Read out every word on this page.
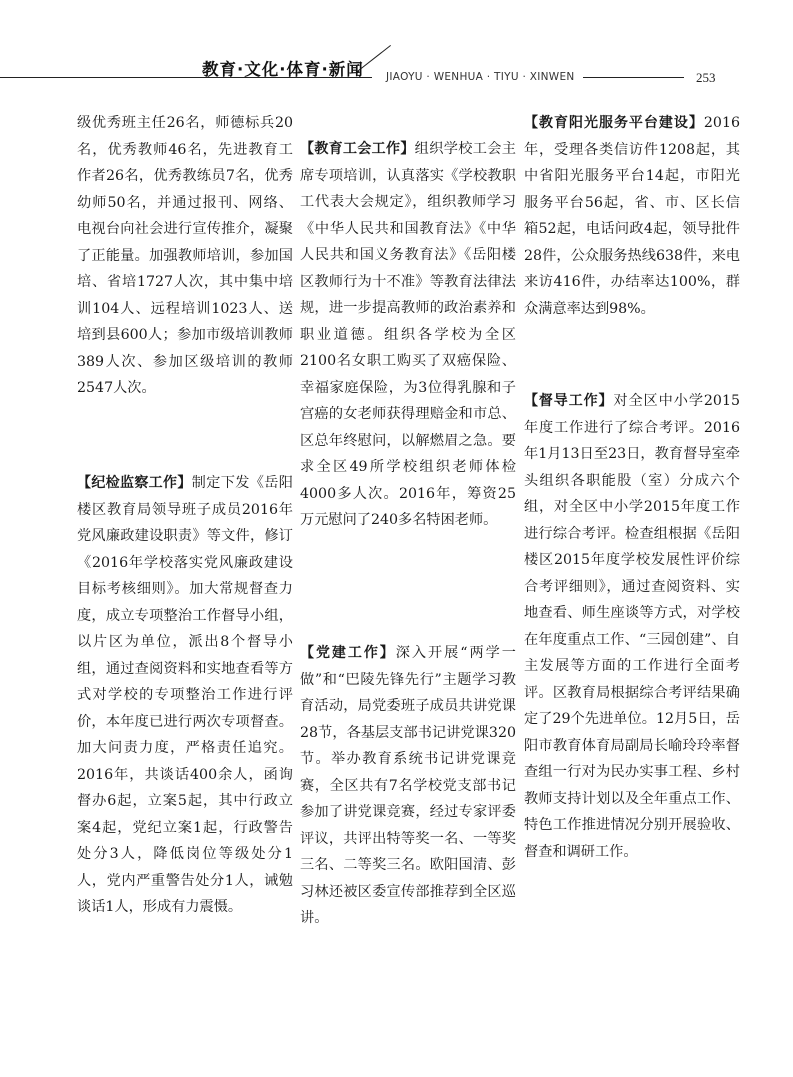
教育·文化·体育·新闻 JIAOYU · WENHUA · TIYU · XINWEN	253

级优秀班主任26名，师德标兵20名，优秀教师46名，先进教育工作者26名，优秀教练员7名，优秀幼师50名，并通过报刊、网络、电视台向社会进行宣传推介，凝聚了正能量。加强教师培训，参加国培、省培1727人次，其中集中培训104人、远程培训1023人、送培到县600人；参加市级培训教师389人次、参加区级培训的教师2547人次。

【纪检监察工作】制定下发《岳阳楼区教育局领导班子成员2016年党风廉政建设职责》等文件，修订《2016年学校落实党风廉政建设目标考核细则》。加大常规督查力度，成立专项整治工作督导小组，以片区为单位，派出8个督导小组，通过查阅资料和实地查看等方式对学校的专项整治工作进行评价，本年度已进行两次专项督查。加大问责力度，严格责任追究。2016年，共谈话400余人，函询督办6起，立案5起，其中行政立案4起，党纪立案1起，行政警告处分3人，降低岗位等级处分1人，党内严重警告处分1人，诫勉谈话1人，形成有力震慑。

【教育工会工作】组织学校工会主席专项培训，认真落实《学校教职工代表大会规定》，组织教师学习《中华人民共和国教育法》《中华人民共和国义务教育法》《岳阳楼区教师行为十不准》等教育法律法规，进一步提高教师的政治素养和职业道德。组织各学校为全区2100名女职工购买了双癌保险、幸福家庭保险，为3位得乳腺和子宫癌的女老师获得理赔金和市总、区总年终慰问，以解燃眉之急。要求全区49所学校组织老师体检4000多人次。2016年，筹资25万元慰问了240多名特困老师。

【党建工作】深入开展“两学一做”和“巴陵先锋先行”主题学习教育活动，局党委班子成员共讲党课28节，各基层支部书记讲党课320节。举办教育系统书记讲党课竞赛，全区共有7名学校党支部书记参加了讲党课竞赛，经过专家评委评议，共评出特等奖一名、一等奖三名、二等奖三名。欧阳国清、彭习林还被区委宣传部推荐到全区巡讲。

【教育阳光服务平台建设】2016年，受理各类信访件1208起，其中省阳光服务平台14起，市阳光服务平台56起，省、市、区长信箱52起，电话问政4起，领导批件28件，公众服务热线638件，来电来访416件，办结率达100%，群众满意率达到98%。

【督导工作】对全区中小学2015年度工作进行了综合考评。2016年1月13日至23日，教育督导室牵头组织各职能股（室）分成六个组，对全区中小学2015年度工作进行综合考评。检查组根据《岳阳楼区2015年度学校发展性评价综合考评细则》，通过查阅资料、实地查看、师生座谈等方式，对学校在年度重点工作、“三园创建”、自主发展等方面的工作进行全面考评。区教育局根据综合考评结果确定了29个先进单位。12月5日，岳阳市教育体育局副局长喻玲玲率督查组一行对为民办实事工程、乡村教师支持计划以及全年重点工作、特色工作推进情况分别开展验收、督查和调研工作。
